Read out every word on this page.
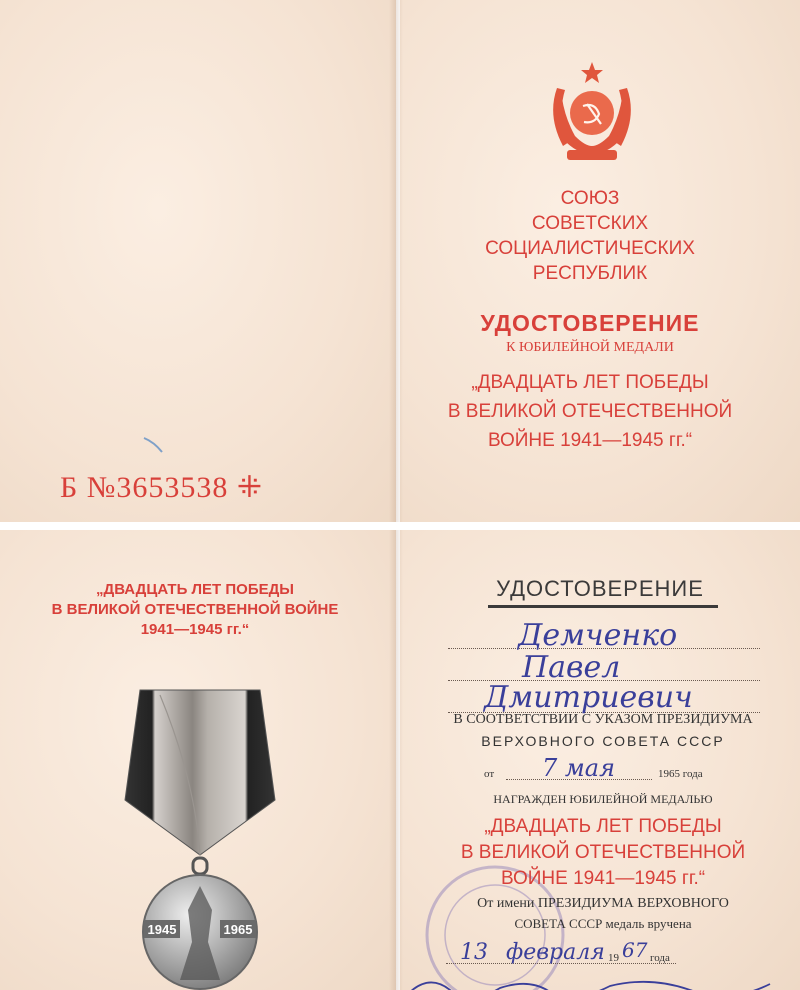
Б №3653538 ⁜
СОЮЗ
СОВЕТСКИХ
СОЦИАЛИСТИЧЕСКИХ
РЕСПУБЛИК
УДОСТОВЕРЕНИЕ
К ЮБИЛЕЙНОЙ МЕДАЛИ
„ДВАДЦАТЬ ЛЕТ ПОБЕДЫ
В ВЕЛИКОЙ ОТЕЧЕСТВЕННОЙ
ВОЙНЕ 1941—1945 гг.“
„ДВАДЦАТЬ ЛЕТ ПОБЕДЫ
В ВЕЛИКОЙ ОТЕЧЕСТВЕННОЙ ВОЙНЕ
1941—1945 гг.“
1945	1965
УДОСТОВЕРЕНИЕ
Демченко
Павел
Дмитриевич
В СООТВЕТСТВИИ С УКАЗОМ ПРЕЗИДИУМА
ВЕРХОВНОГО СОВЕТА СССР
от 7 мая	1965 года
НАГРАЖДЕН ЮБИЛЕЙНОЙ МЕДАЛЬЮ
„ДВАДЦАТЬ ЛЕТ ПОБЕДЫ
В ВЕЛИКОЙ ОТЕЧЕСТВЕННОЙ
ВОЙНЕ 1941—1945 гг.“
От имени ПРЕЗИДИУМА ВЕРХОВНОГО
СОВЕТА СССР медаль вручена
13 февраля 19 67 года
